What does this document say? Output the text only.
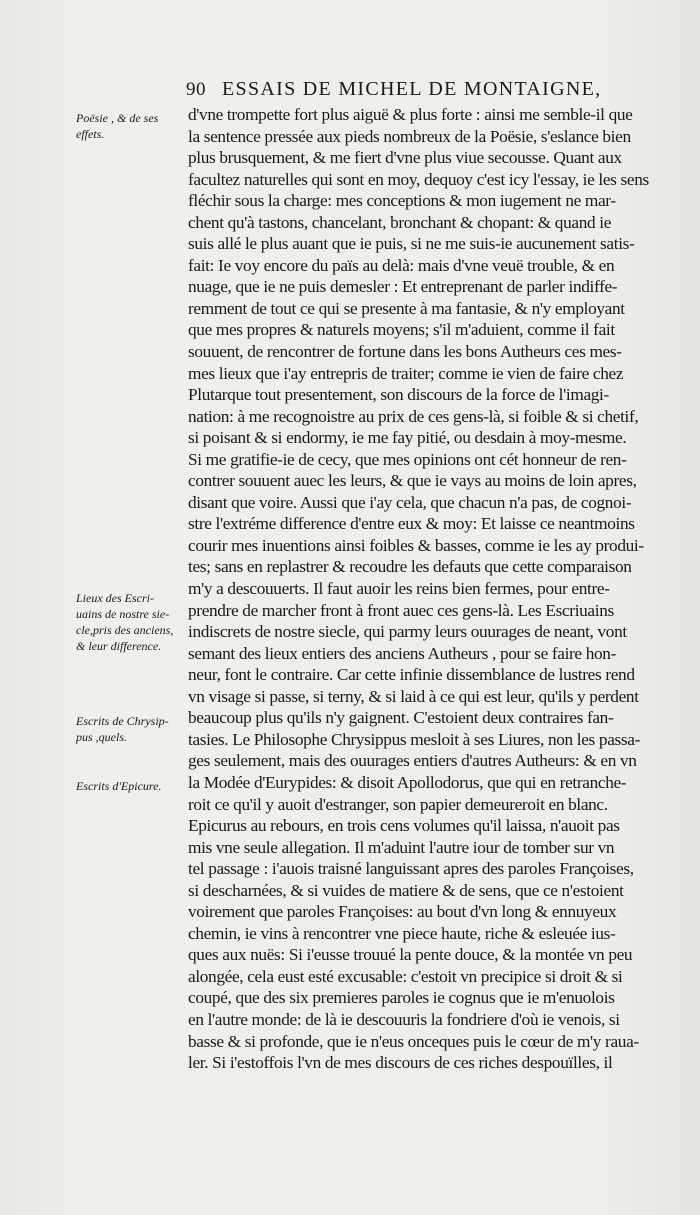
90 ESSAIS DE MICHEL DE MONTAIGNE,
Poësie , & de ses
effets.
Lieux des Escri-
uains de nostre sie-
cle,pris des anciens,
& leur difference.
Escrits de Chrysip-
pus ,quels.
Escrits d'Epicure.
d'vne trompette fort plus aiguë & plus forte : ainsi me semble-il que
la sentence pressée aux pieds nombreux de la Poësie, s'eslance bien
plus brusquement, & me fiert d'vne plus viue secousse. Quant aux
facultez naturelles qui sont en moy, dequoy c'est icy l'essay, ie les sens
fléchir sous la charge: mes conceptions & mon iugement ne mar-
chent qu'à tastons, chancelant, bronchant & chopant: & quand ie
suis allé le plus auant que ie puis, si ne me suis-ie aucunement satis-
fait: Ie voy encore du païs au delà: mais d'vne veuë trouble, & en
nuage, que ie ne puis demesler : Et entreprenant de parler indiffe-
remment de tout ce qui se presente à ma fantasie, & n'y employant
que mes propres & naturels moyens; s'il m'aduient, comme il fait
souuent, de rencontrer de fortune dans les bons Autheurs ces mes-
mes lieux que i'ay entrepris de traiter; comme ie vien de faire chez
Plutarque tout presentement, son discours de la force de l'imagi-
nation: à me recognoistre au prix de ces gens-là, si foible & si chetif,
si poisant & si endormy, ie me fay pitié, ou desdain à moy-mesme.
Si me gratifie-ie de cecy, que mes opinions ont cét honneur de ren-
contrer souuent auec les leurs, & que ie vays au moins de loin apres,
disant que voire. Aussi que i'ay cela, que chacun n'a pas, de cognoi-
stre l'extréme difference d'entre eux & moy: Et laisse ce neantmoins
courir mes inuentions ainsi foibles & basses, comme ie les ay produi-
tes; sans en replastrer & recoudre les defauts que cette comparaison
m'y a descouuerts. Il faut auoir les reins bien fermes, pour entre-
prendre de marcher front à front auec ces gens-là. Les Escriuains
indiscrets de nostre siecle, qui parmy leurs ouurages de neant, vont
semant des lieux entiers des anciens Autheurs , pour se faire hon-
neur, font le contraire. Car cette infinie dissemblance de lustres rend
vn visage si passe, si terny, & si laid à ce qui est leur, qu'ils y perdent
beaucoup plus qu'ils n'y gaignent. C'estoient deux contraires fan-
tasies. Le Philosophe Chrysippus mesloit à ses Liures, non les passa-
ges seulement, mais des ouurages entiers d'autres Autheurs: & en vn
la Modée d'Eurypides: & disoit Apollodorus, que qui en retranche-
roit ce qu'il y auoit d'estranger, son papier demeureroit en blanc.
Epicurus au rebours, en trois cens volumes qu'il laissa, n'auoit pas
mis vne seule allegation. Il m'aduint l'autre iour de tomber sur vn
tel passage : i'auois traisné languissant apres des paroles Françoises,
si descharnées, & si vuides de matiere & de sens, que ce n'estoient
voirement que paroles Françoises: au bout d'vn long & ennuyeux
chemin, ie vins à rencontrer vne piece haute, riche & esleuée ius-
ques aux nuës: Si i'eusse trouué la pente douce, & la montée vn peu
alongée, cela eust esté excusable: c'estoit vn precipice si droit & si
coupé, que des six premieres paroles ie cognus que ie m'enuolois
en l'autre monde: de là ie descouuris la fondriere d'où ie venois, si
basse & si profonde, que ie n'eus onceques puis le cœur de m'y raua-
ler. Si i'estoffois l'vn de mes discours de ces riches despouïlles, il
